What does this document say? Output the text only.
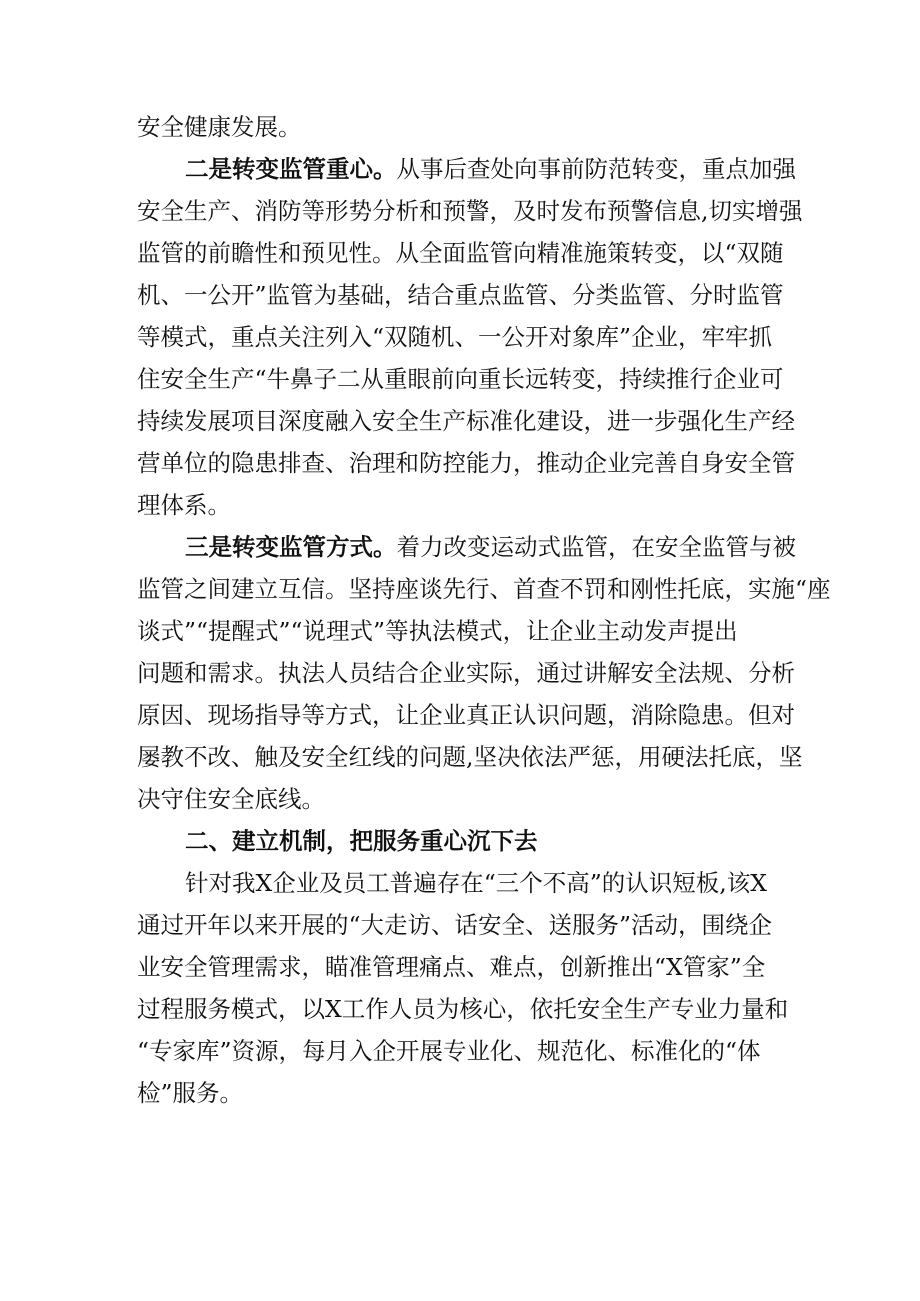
安全健康发展。
二是转变监管重心。从事后查处向事前防范转变，重点加强
安全生产、消防等形势分析和预警，及时发布预警信息,切实增强
监管的前瞻性和预见性。从全面监管向精准施策转变，以“双随
机、一公开”监管为基础，结合重点监管、分类监管、分时监管
等模式，重点关注列入“双随机、一公开对象库”企业，牢牢抓
住安全生产“牛鼻子二从重眼前向重长远转变，持续推行企业可
持续发展项目深度融入安全生产标准化建设，进一步强化生产经
营单位的隐患排查、治理和防控能力，推动企业完善自身安全管
理体系。
三是转变监管方式。着力改变运动式监管，在安全监管与被
监管之间建立互信。坚持座谈先行、首查不罚和刚性托底，实施“座
谈式”“提醒式”“说理式”等执法模式，让企业主动发声提出
问题和需求。执法人员结合企业实际，通过讲解安全法规、分析
原因、现场指导等方式，让企业真正认识问题，消除隐患。但对
屡教不改、触及安全红线的问题,坚决依法严惩，用硬法托底，坚
决守住安全底线。
二、建立机制，把服务重心沉下去
针对我X企业及员工普遍存在“三个不高”的认识短板,该X
通过开年以来开展的“大走访、话安全、送服务”活动，围绕企
业安全管理需求，瞄准管理痛点、难点，创新推出“X管家”全
过程服务模式，以X工作人员为核心，依托安全生产专业力量和
“专家库”资源，每月入企开展专业化、规范化、标准化的“体
检”服务。
